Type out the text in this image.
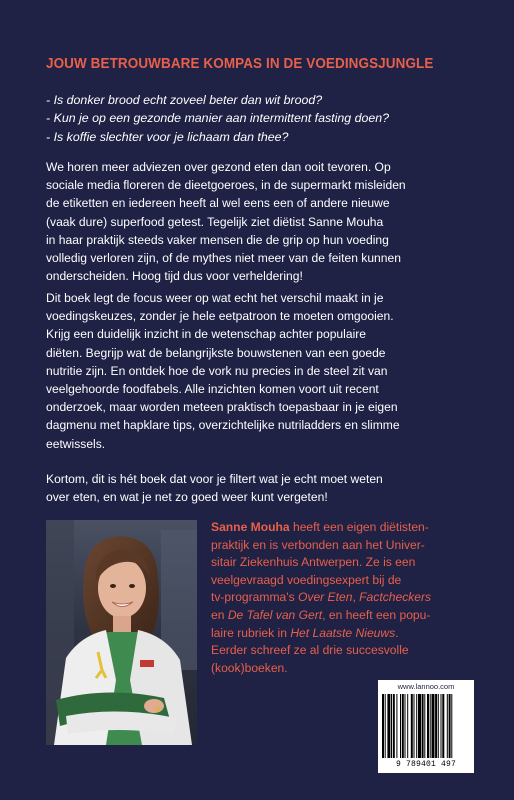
JOUW BETROUWBARE KOMPAS IN DE VOEDINGSJUNGLE

- Is donker brood echt zoveel beter dan wit brood?

- Kun je op een gezonde manier aan intermittent fasting doen?

- Is koffie slechter voor je lichaam dan thee?

We horen meer adviezen over gezond eten dan ooit tevoren. Op
sociale media floreren de dieetgoeroes, in de supermarkt misleiden
de etiketten en iedereen heeft al wel eens een of andere nieuwe
(vaak dure) superfood getest. Tegelijk ziet diëtist Sanne Mouha
in haar praktijk steeds vaker mensen die de grip op hun voeding
volledig verloren zijn, of de mythes niet meer van de feiten kunnen
onderscheiden. Hoog tijd dus voor verheldering!
Dit boek legt de focus weer op wat echt het verschil maakt in je
voedingskeuzes, zonder je hele eetpatroon te moeten omgooien.
Krijg een duidelijk inzicht in de wetenschap achter populaire
diëten. Begrijp wat de belangrijkste bouwstenen van een goede
nutritie zijn. En ontdek hoe de vork nu precies in de steel zit van
veelgehoorde foodfabels. Alle inzichten komen voort uit recent
onderzoek, maar worden meteen praktisch toepasbaar in je eigen
dagmenu met hapklare tips, overzichtelijke nutriladders en slimme
eetwissels.
Kortom, dit is hét boek dat voor je filtert wat je echt moet weten
over eten, en wat je net zo goed weer kunt vergeten!
Sanne Mouha heeft een eigen diëtisten-
praktijk en is verbonden aan het Univer-
sitair Ziekenhuis Antwerpen. Ze is een
veelgevraagd voedingsexpert bij de
tv-programma's Over Eten, Factcheckers
en De Tafel van Gert, en heeft een popu-
laire rubriek in Het Laatste Nieuws.
Eerder schreef ze al drie succesvolle
(kook)boeken.
www.lannoo.com
9 789401 497
